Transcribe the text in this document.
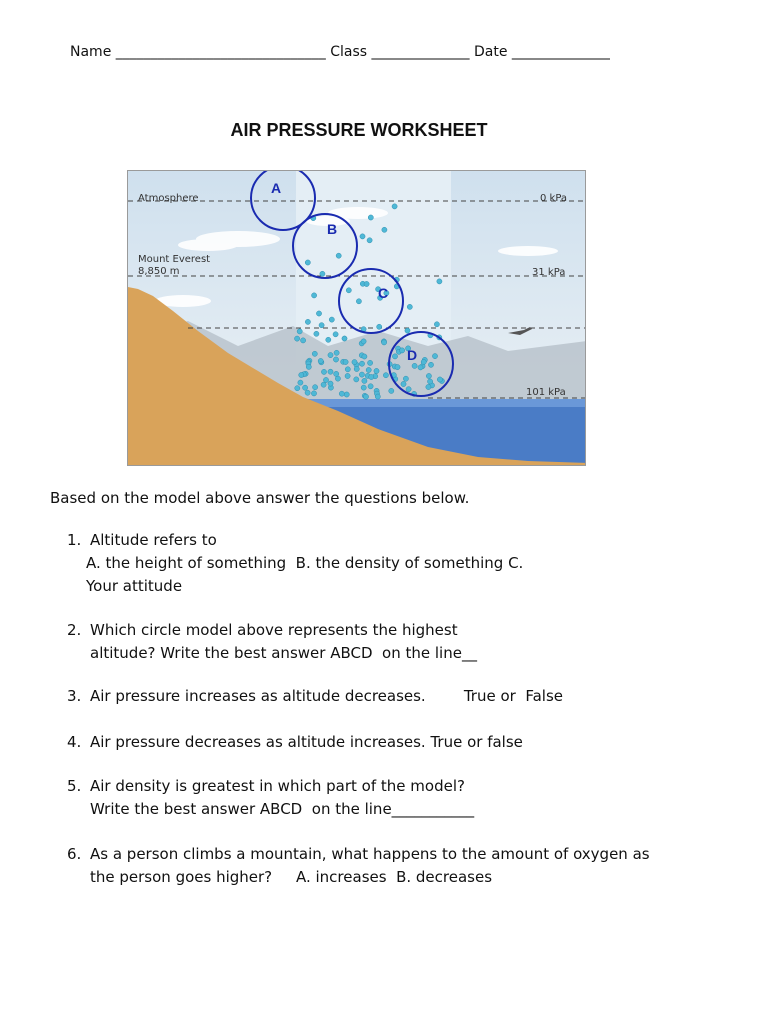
Name ______________________________ Class ______________ Date ______________
AIR PRESSURE WORKSHEET
Atmosphere
Mount Everest
8,850 m
0 kPa
31 kPa
101 kPa
A
B
C
D
Based on the model above answer the questions below.
1. Altitude refers to
A. the height of something  B. the density of something C.
Your attitude
2. Which circle model above represents the highest
altitude? Write the best answer ABCD  on the line__
3. Air pressure increases as altitude decreases.        True or  False
4. Air pressure decreases as altitude increases. True or false
5. Air density is greatest in which part of the model?
Write the best answer ABCD  on the line___________
6. As a person climbs a mountain, what happens to the amount of oxygen as
the person goes higher?     A. increases  B. decreases
